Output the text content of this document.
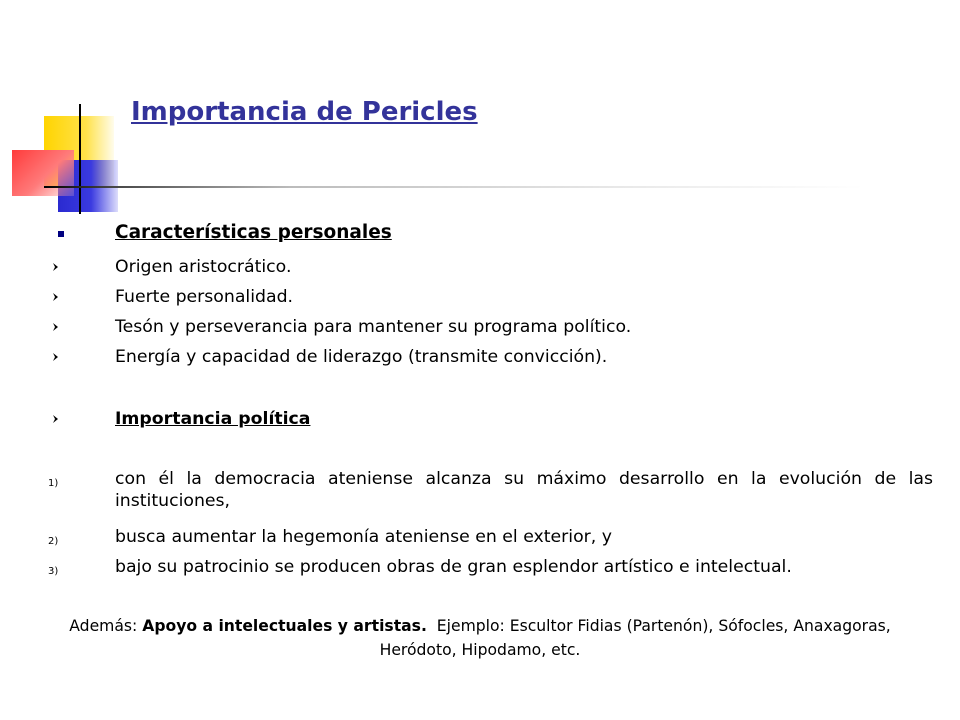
Importancia de Pericles
Características personales
Origen aristocrático.
Fuerte personalidad.
Tesón y perseverancia para mantener su programa político.
Energía y capacidad de liderazgo (transmite convicción).
Importancia política
1)	con él la democracia ateniense alcanza su máximo desarrollo en la evolución de las instituciones,
2)	busca aumentar la hegemonía ateniense en el exterior, y
3)	bajo su patrocinio se producen obras de gran esplendor artístico e intelectual.
Además: Apoyo a intelectuales y artistas.  Ejemplo: Escultor Fidias (Partenón), Sófocles, Anaxagoras, Heródoto, Hipodamo, etc.
